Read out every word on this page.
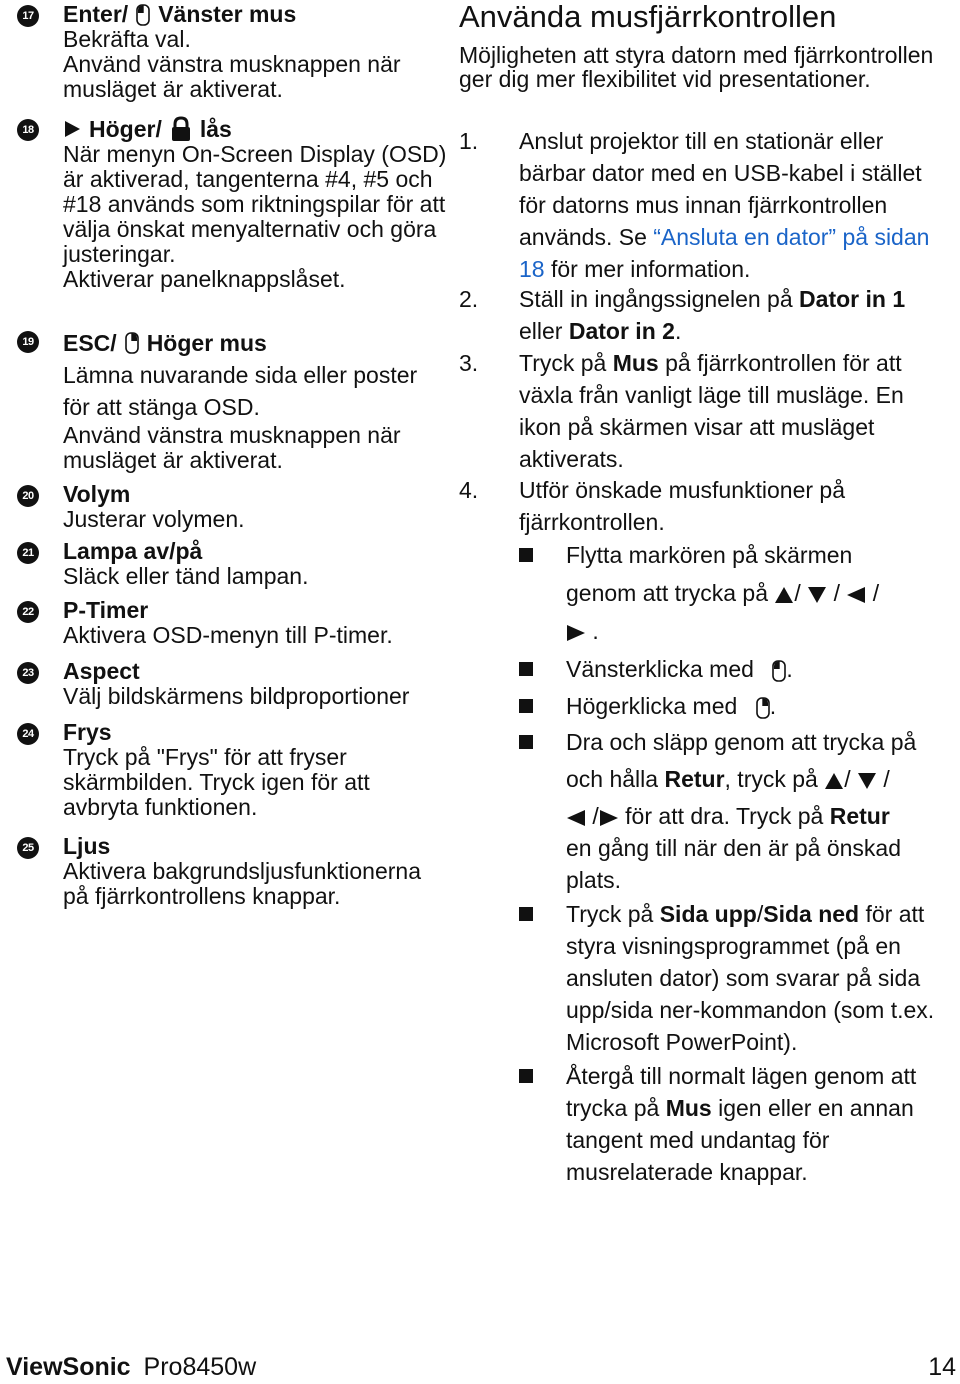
17 Enter/ Vänster mus

Bekräfta val.

Använd vänstra musknappen när musläget är aktiverat.

18 Höger/ lås

När menyn On-Screen Display (OSD) är aktiverad, tangenterna #4, #5 och #18 används som riktningspilar för att välja önskat menyalternativ och göra justeringar.

Aktiverar panelknappslåset.

19 ESC/ Höger mus

Lämna nuvarande sida eller poster för att stänga OSD.

Använd vänstra musknappen när musläget är aktiverat.

20 Volym

Justerar volymen.

21 Lampa av/på

Släck eller tänd lampan.

22 P-Timer

Aktivera OSD-menyn till P-timer.

23 Aspect

Välj bildskärmens bildproportioner

24 Frys

Tryck på "Frys" för att fryser skärmbilden. Tryck igen för att avbryta funktionen.

25 Ljus

Aktivera bakgrundsljusfunktionerna på fjärrkontrollens knappar.

Använda musfjärrkontrollen

Möjligheten att styra datorn med fjärrkontrollen ger dig mer flexibilitet vid presentationer.

1. Anslut projektor till en stationär eller bärbar dator med en USB-kabel i stället för datorns mus innan fjärrkontrollen används. Se “Ansluta en dator” på sidan 18 för mer information.
2. Ställ in ingångssignelen på Dator in 1 eller Dator in 2.
3. Tryck på Mus på fjärrkontrollen för att växla från vanligt läge till musläge. En ikon på skärmen visar att musläget aktiverats.
4. Utför önskade musfunktioner på fjärrkontrollen.
Flytta markören på skärmen
genom att trycka på / / /
.
Vänsterklicka med .
Högerklicka med .
Dra och släpp genom att trycka på
och hålla Retur, tryck på / /
/ för att dra. Tryck på Retur
en gång till när den är på önskad plats.
Tryck på Sida upp/Sida ned för att styra visningsprogrammet (på en ansluten dator) som svarar på sida upp/sida ner-kommandon (som t.ex. Microsoft PowerPoint).
Återgå till normalt lägen genom att trycka på Mus igen eller en annan tangent med undantag för musrelaterade knappar.
ViewSonic Pro8450w	14
